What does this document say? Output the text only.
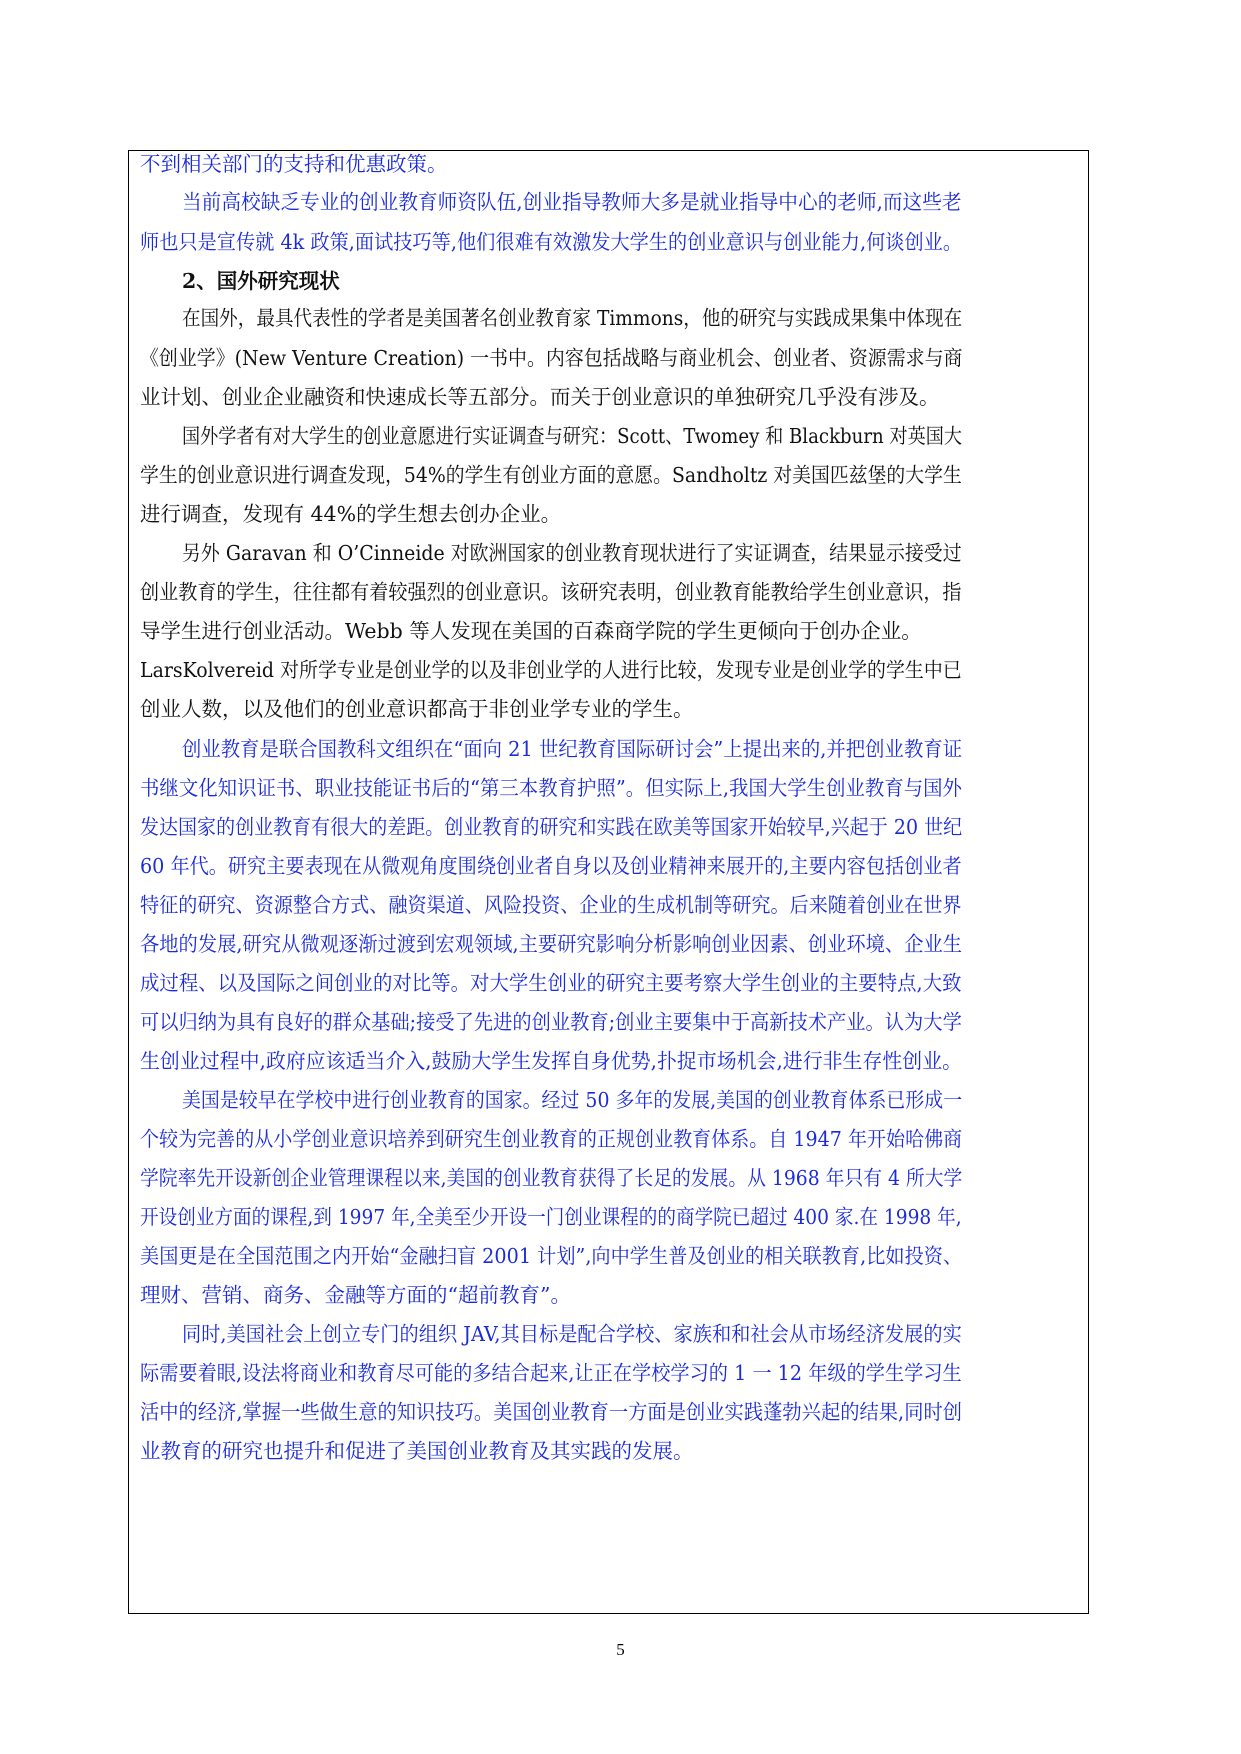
不到相关部门的支持和优惠政策。
当前高校缺乏专业的创业教育师资队伍,创业指导教师大多是就业指导中心的老师,而这些老
师也只是宣传就 4k 政策,面试技巧等,他们很难有效激发大学生的创业意识与创业能力,何谈创业。
2、国外研究现状
在国外，最具代表性的学者是美国著名创业教育家 Timmons，他的研究与实践成果集中体现在
《创业学》(New Venture Creation) 一书中。内容包括战略与商业机会、创业者、资源需求与商
业计划、创业企业融资和快速成长等五部分。而关于创业意识的单独研究几乎没有涉及。
国外学者有对大学生的创业意愿进行实证调查与研究：Scott、Twomey 和 Blackburn 对英国大
学生的创业意识进行调查发现，54%的学生有创业方面的意愿。Sandholtz 对美国匹兹堡的大学生
进行调查，发现有 44%的学生想去创办企业。
另外 Garavan 和 O’Cinneide 对欧洲国家的创业教育现状进行了实证调查，结果显示接受过
创业教育的学生，往往都有着较强烈的创业意识。该研究表明，创业教育能教给学生创业意识，指
导学生进行创业活动。Webb 等人发现在美国的百森商学院的学生更倾向于创办企业。
LarsKolvereid 对所学专业是创业学的以及非创业学的人进行比较，发现专业是创业学的学生中已
创业人数，以及他们的创业意识都高于非创业学专业的学生。
创业教育是联合国教科文组织在“面向 21 世纪教育国际研讨会”上提出来的,并把创业教育证
书继文化知识证书、职业技能证书后的“第三本教育护照”。但实际上,我国大学生创业教育与国外
发达国家的创业教育有很大的差距。创业教育的研究和实践在欧美等国家开始较早,兴起于 20 世纪
60 年代。研究主要表现在从微观角度围绕创业者自身以及创业精神来展开的,主要内容包括创业者
特征的研究、资源整合方式、融资渠道、风险投资、企业的生成机制等研究。后来随着创业在世界
各地的发展,研究从微观逐渐过渡到宏观领域,主要研究影响分析影响创业因素、创业环境、企业生
成过程、以及国际之间创业的对比等。对大学生创业的研究主要考察大学生创业的主要特点,大致
可以归纳为具有良好的群众基础;接受了先进的创业教育;创业主要集中于高新技术产业。认为大学
生创业过程中,政府应该适当介入,鼓励大学生发挥自身优势,扑捉市场机会,进行非生存性创业。
美国是较早在学校中进行创业教育的国家。经过 50 多年的发展,美国的创业教育体系已形成一
个较为完善的从小学创业意识培养到研究生创业教育的正规创业教育体系。自 1947 年开始哈佛商
学院率先开设新创企业管理课程以来,美国的创业教育获得了长足的发展。从 1968 年只有 4 所大学
开设创业方面的课程,到 1997 年,全美至少开设一门创业课程的的商学院已超过 400 家.在 1998 年,
美国更是在全国范围之内开始“金融扫盲 2001 计划”,向中学生普及创业的相关联教育,比如投资、
理财、营销、商务、金融等方面的“超前教育”。
同时,美国社会上创立专门的组织 JAV,其目标是配合学校、家族和和社会从市场经济发展的实
际需要着眼,设法将商业和教育尽可能的多结合起来,让正在学校学习的 1 一 12 年级的学生学习生
活中的经济,掌握一些做生意的知识技巧。美国创业教育一方面是创业实践蓬勃兴起的结果,同时创
业教育的研究也提升和促进了美国创业教育及其实践的发展。
5
